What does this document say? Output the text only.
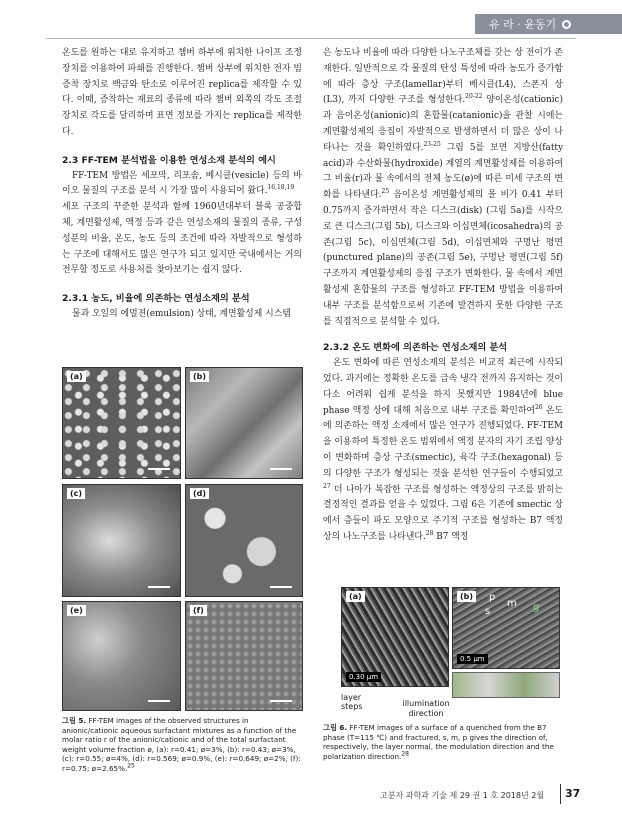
유 라 · 윤동기

온도를 원하는 대로 유지하고 챔버 하부에 위치한 나이프 조정 장치를 이용하여 파쇄를 진행한다. 챔버 상부에 위치한 전자 빔 증착 장치로 백금와 탄소로 이루어진 replica를 제작할 수 있다. 이때, 증착하는 재료의 종류에 따라 챔버 외쪽의 각도 조절 장치로 각도를 달리하며 표면 정보를 가지는 replica를 제작한다.

2.3 FF-TEM 분석법을 이용한 연성소재 분석의 예시

FF-TEM 방법은 세포막, 리포솜, 베시클(vesicle) 등의 바이오 물질의 구조를 분석 시 가장 많이 사용되어 왔다.$^{16,18,19}$

세포 구조의 꾸준한 분석과 함께 1960년대부터 블록 공중합체, 계면활성제, 액정 등과 같은 연성소재의 물질의 종류, 구성 성분의 비율, 온도, 농도 등의 조건에 따라 자발적으로 형성하는 구조에 대해서도 많은 연구가 되고 있지만 국내에서는 거의 전무할 정도로 사용처를 찾아보기는 쉽지 않다.

2.3.1 농도, 비율에 의존하는 연성소재의 분석

물과 오일의 에멀젼(emulsion) 상태, 계면활성제 시스템

(a)	(b)
(c)	(d)
(e)	(f)
그림 5. FF-TEM images of the observed structures in anionic/cationic aqueous surfactant mixtures as a function of the molar ratio r of the anionic/cationic and of the total surfactant weight volume fraction ø, (a): r=0.41; ø=3%, (b): r=0.43; ø=3%, (c): r=0.55; ø=4%, (d): r=0.569; ø=0.9%, (e): r=0.649; ø=2%, (f): r=0.75; ø=2.65%.$^{25}$

은 농도나 비율에 따라 다양한 나노구조체를 갖는 상 전이가 존재한다. 일반적으로 각 물질의 탄성 특성에 따라 농도가 증가함에 따라 층상 구조(lamellar)부터 베시클(L4), 스폰지 상(L3), 까지 다양한 구조를 형성한다.$^{20-22}$ 양이온성(cationic)과 음이온성(anionic)의 혼합물(catanionic)을 관찰 시에는 계면활성제의 응집이 자발적으로 발생하면서 더 많은 상이 나타나는 것을 확인하였다.$^{23-25}$ 그림 5를 보면 지방산(fatty acid)과 수산화물(hydroxide) 계열의 계면활성제를 이용하여 그 비율(r)과 물 속에서의 전체 농도(ø)에 따른 미세 구조의 변화를 나타낸다.$^{25}$ 음이온성 계면활성제의 몰 비가 0.41 부터 0.75까지 증가하면서 작은 디스크(disk) (그림 5a)를 시작으로 큰 디스크(그림 5b), 디스크와 이십면체(icosahedra)의 공존(그림 5c), 이십면체(그림 5d), 이십면체와 구멍난 평면(punctured plane)의 공존(그림 5e), 구멍난 평면(그림 5f) 구조까지 계면활성제의 응집 구조가 변화한다. 물 속에서 계면활성제 혼합물의 구조를 형성하고 FF-TEM 방법을 이용하여 내부 구조를 분석함으로써 기존에 발견하지 못한 다양한 구조를 직접적으로 분석할 수 있다.

2.3.2 온도 변화에 의존하는 연성소재의 분석

온도 변화에 따른 연성소재의 분석은 비교적 최근에 시작되었다. 과거에는 정확한 온도를 급속 냉각 전까지 유지하는 것이 다소 어려워 쉽게 분석을 하지 못했지만 1984년에 blue phase 액정 상에 대해 처음으로 내부 구조를 확인하여$^{26}$ 온도에 의존하는 액정 소재에서 많은 연구가 진행되었다. FF-TEM을 이용하여 특정한 온도 범위에서 액정 분자의 자기 조립 양상이 변화하며 층상 구조(smectic), 육각 구조(hexagonal) 등의 다양한 구조가 형성되는 것을 분석한 연구들이 수행되었고$^{27}$ 더 나아가 복잡한 구조를 형성하는 액정상의 구조를 밝히는 결정적인 결과를 얻을 수 있었다. 그림 6은 기존에 smectic 상에서 층들이 파도 모양으로 주기적 구조를 형성하는 B7 액정 상의 나노구조를 나타낸다.$^{28}$ B7 액정

(a)
0.30 μm
(b)	p
s
m g
0.5 μm
layer steps	illumination direction
그림 6. FF-TEM images of a surface of a quenched from the B7 phase (T=115 ℃) and fractured, s, m, p gives the direction of, respectively, the layer normal, the modulation direction and the polarization direction.$^{28}$
고분자 과학과 기술 제 29 권 1 호 2018년 2월 37
